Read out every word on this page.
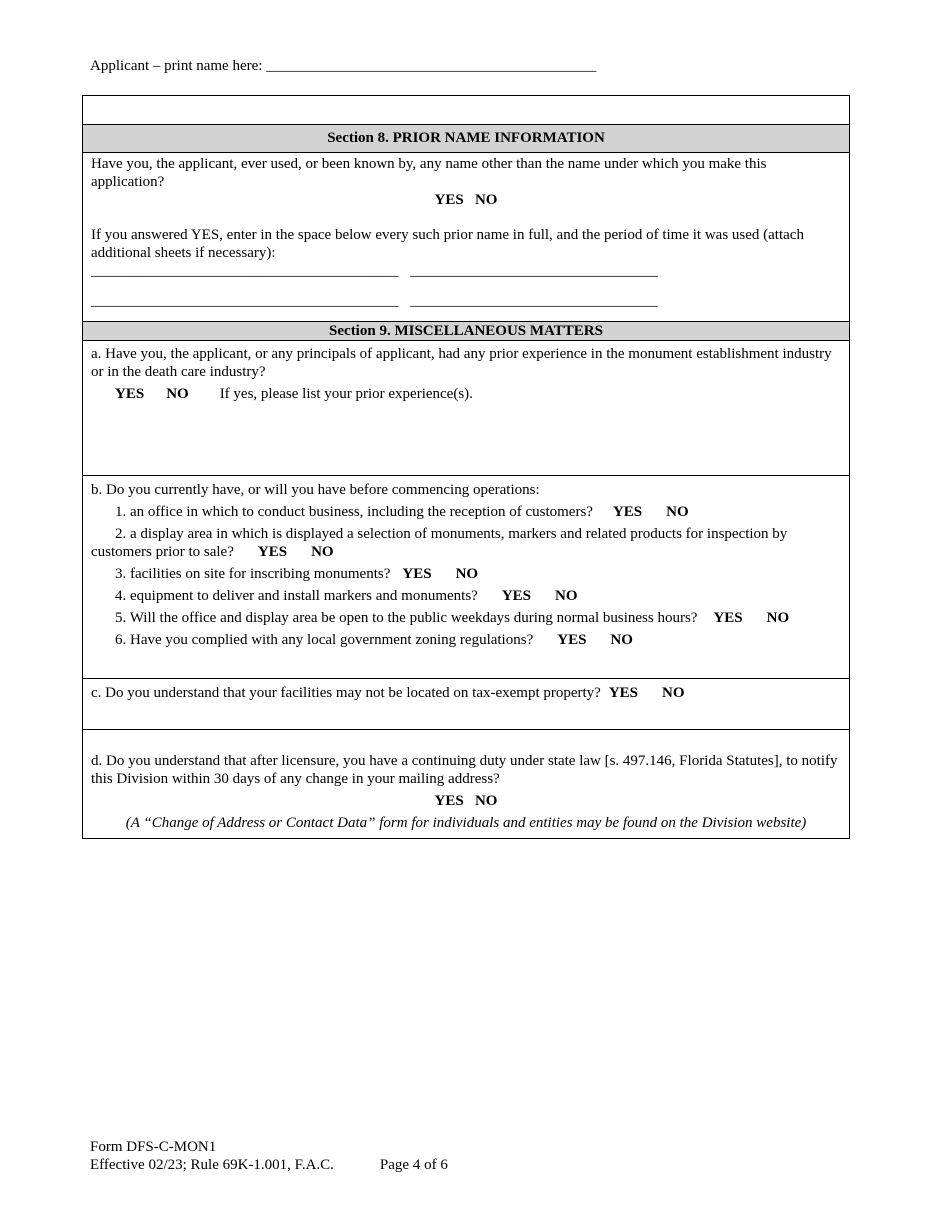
Applicant – print name here: ____________________________________________
Section 8. PRIOR NAME INFORMATION
Have you, the applicant, ever used, or been known by, any name other than the name under which you make this application?
YES NO
If you answered YES, enter in the space below every such prior name in full, and the period of time it was used (attach additional sheets if necessary):
_________________________________________ _________________________________
_________________________________________ _________________________________
Section 9. MISCELLANEOUS MATTERS
a. Have you, the applicant, or any principals of applicant, had any prior experience in the monument establishment industry or in the death care industry?
YES NO If yes, please list your prior experience(s).
b. Do you currently have, or will you have before commencing operations:
1. an office in which to conduct business, including the reception of customers? YES NO
2. a display area in which is displayed a selection of monuments, markers and related products for inspection by customers prior to sale? YES NO
3. facilities on site for inscribing monuments? YES NO
4. equipment to deliver and install markers and monuments? YES NO
5. Will the office and display area be open to the public weekdays during normal business hours? YES NO
6. Have you complied with any local government zoning regulations? YES NO
c. Do you understand that your facilities may not be located on tax-exempt property? YES NO
d. Do you understand that after licensure, you have a continuing duty under state law [s. 497.146, Florida Statutes], to notify this Division within 30 days of any change in your mailing address?
YES NO
(A “Change of Address or Contact Data” form for individuals and entities may be found on the Division website)
Form DFS-C-MON1
Effective 02/23; Rule 69K-1.001, F.A.C.	Page 4 of 6
